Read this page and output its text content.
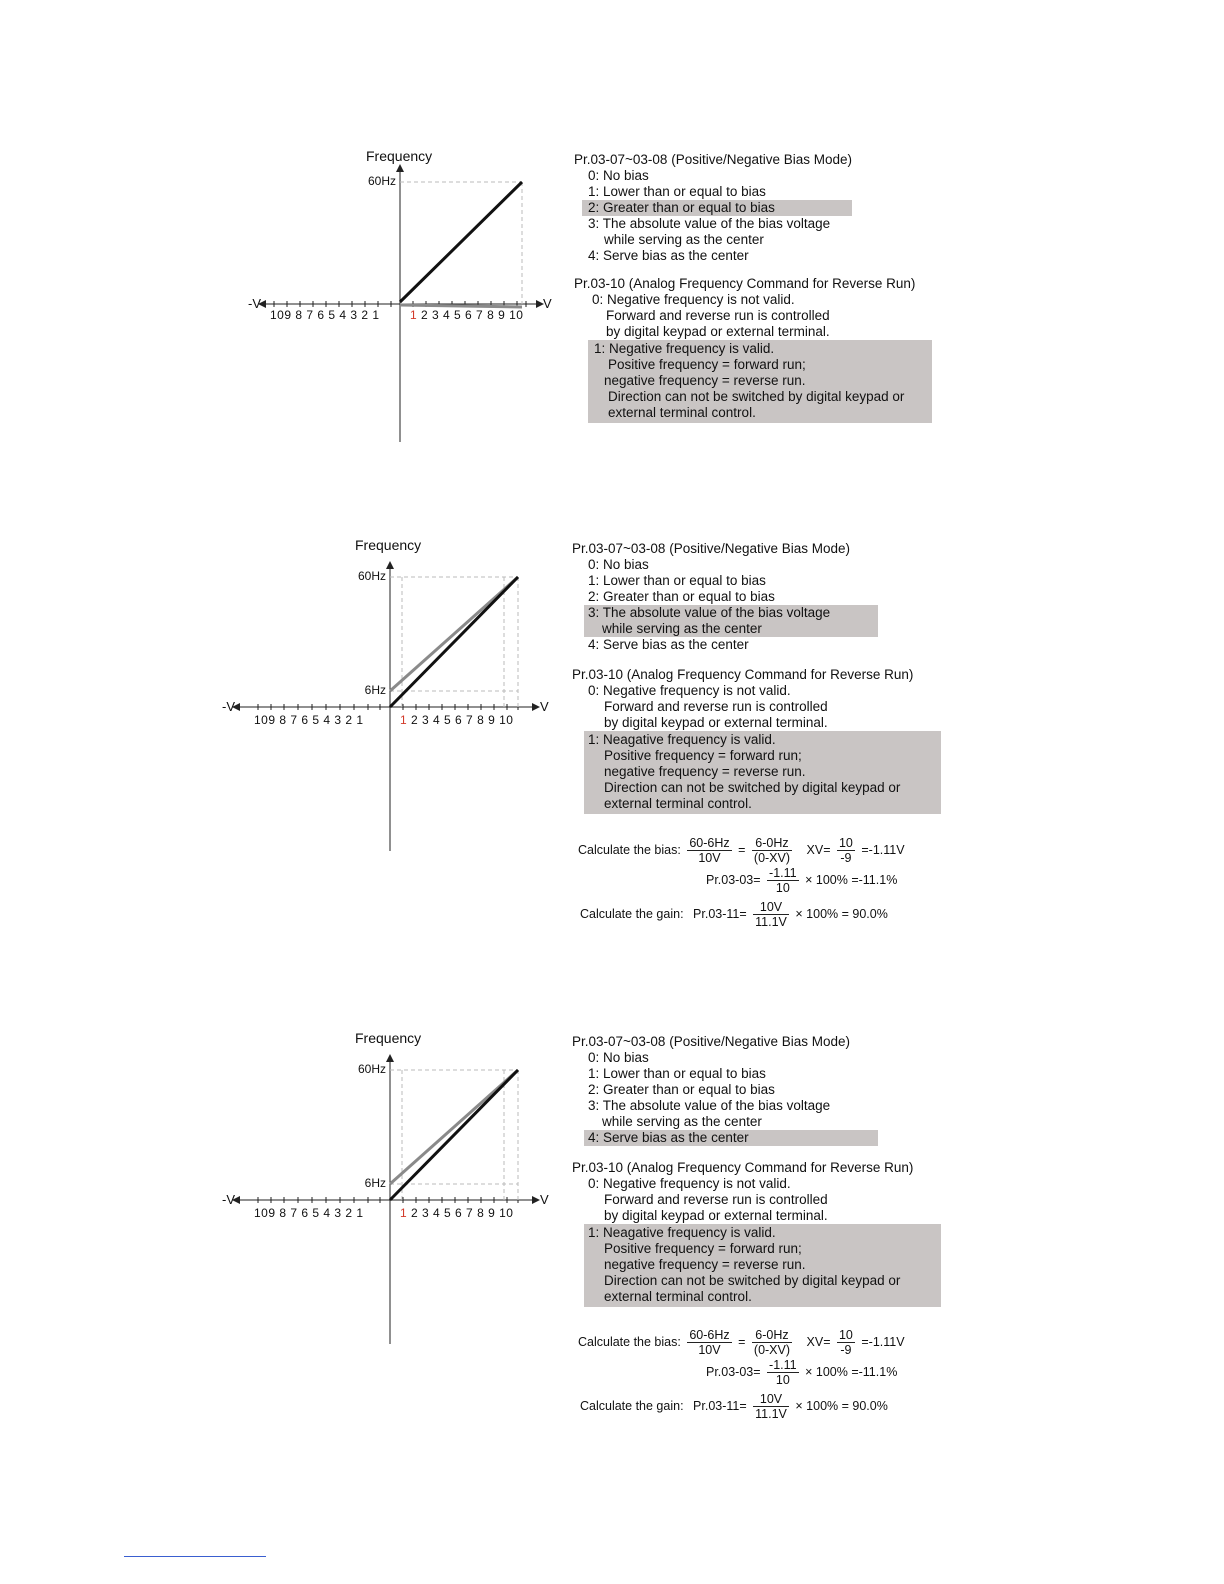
Frequency
60Hz
-V	V
109 8 7 6 5 4 3 2 1	1 2 3 4 5 6 7 8 9 10
Pr.03-07~03-08 (Positive/Negative Bias Mode)
0: No bias
1: Lower than or equal to bias
2: Greater than or equal to bias
3: The absolute value of the bias voltage
while serving as the center
4: Serve bias as the center
Pr.03-10 (Analog Frequency Command for Reverse Run)
0: Negative frequency is not valid.
Forward and reverse run is controlled
by digital keypad or external terminal.
1: Negative frequency is valid.
Positive frequency = forward run;
negative frequency = reverse run.
Direction can not be switched by digital keypad or
external terminal control.
Frequency
60Hz
6Hz
-V	V
109 8 7 6 5 4 3 2 1	1 2 3 4 5 6 7 8 9 10
Pr.03-07~03-08 (Positive/Negative Bias Mode)
0: No bias
1: Lower than or equal to bias
2: Greater than or equal to bias
3: The absolute value of the bias voltage
while serving as the center
4: Serve bias as the center
Pr.03-10 (Analog Frequency Command for Reverse Run)
0: Negative frequency is not valid.
Forward and reverse run is controlled
by digital keypad or external terminal.
1: Neagative frequency is valid.
Positive frequency = forward run;
negative frequency = reverse run.
Direction can not be switched by digital keypad or
external terminal control.
Calculate the bias: $\frac{60-6Hz}{10V} = \frac{6-0Hz}{(0-XV)} XV= \frac{10}{-9} =-1.11V$
$Pr.03-03= \frac{-1.11}{10} \times 100\% =-11.1\%$
Calculate the gain: $Pr.03-11= \frac{10V}{11.1V} \times 100\% = 90.0\%$
Frequency
60Hz
6Hz
-V	V
109 8 7 6 5 4 3 2 1	1 2 3 4 5 6 7 8 9 10
Pr.03-07~03-08 (Positive/Negative Bias Mode)
0: No bias
1: Lower than or equal to bias
2: Greater than or equal to bias
3: The absolute value of the bias voltage
while serving as the center
4: Serve bias as the center
Pr.03-10 (Analog Frequency Command for Reverse Run)
0: Negative frequency is not valid.
Forward and reverse run is controlled
by digital keypad or external terminal.
1: Neagative frequency is valid.
Positive frequency = forward run;
negative frequency = reverse run.
Direction can not be switched by digital keypad or
external terminal control.
Calculate the bias: $\frac{60-6Hz}{10V} = \frac{6-0Hz}{(0-XV)} XV= \frac{10}{-9} =-1.11V$
$Pr.03-03= \frac{-1.11}{10} \times 100\% =-11.1\%$
Calculate the gain: $Pr.03-11= \frac{10V}{11.1V} \times 100\% = 90.0\%$
